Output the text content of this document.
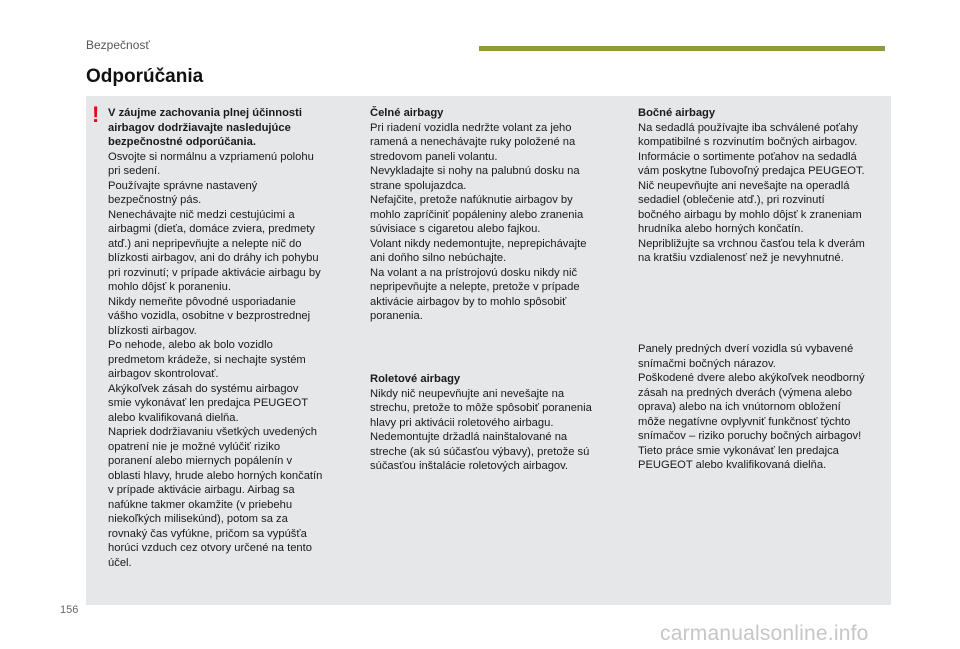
Bezpečnosť
Odporúčania
! V záujme zachovania plnej účinnosti
airbagov dodržiavajte nasledujúce
bezpečnostné odporúčania.
Osvojte si normálnu a vzpriamenú polohu
pri sedení.
Používajte správne nastavený
bezpečnostný pás.
Nenechávajte nič medzi cestujúcimi a
airbagmi (dieťa, domáce zviera, predmety
atď.) ani nepripevňujte a nelepte nič do
blízkosti airbagov, ani do dráhy ich pohybu
pri rozvinutí; v prípade aktivácie airbagu by
mohlo dôjsť k poraneniu.
Nikdy nemeňte pôvodné usporiadanie
vášho vozidla, osobitne v bezprostrednej
blízkosti airbagov.
Po nehode, alebo ak bolo vozidlo
predmetom krádeže, si nechajte systém
airbagov skontrolovať.
Akýkoľvek zásah do systému airbagov
smie vykonávať len predajca PEUGEOT
alebo kvalifikovaná dielňa.
Napriek dodržiavaniu všetkých uvedených
opatrení nie je možné vylúčiť riziko
poranení alebo miernych popálenín v
oblasti hlavy, hrude alebo horných končatín
v prípade aktivácie airbagu. Airbag sa
nafúkne takmer okamžite (v priebehu
niekoľkých milisekúnd), potom sa za
rovnaký čas vyfúkne, pričom sa vypúšťa
horúci vzduch cez otvory určené na tento
účel.
Čelné airbagy
Pri riadení vozidla nedržte volant za jeho
ramená a nenechávajte ruky položené na
stredovom paneli volantu.
Nevykladajte si nohy na palubnú dosku na
strane spolujazdca.
Nefajčite, pretože nafúknutie airbagov by
mohlo zapríčiniť popáleniny alebo zranenia
súvisiace s cigaretou alebo fajkou.
Volant nikdy nedemontujte, neprepichávajte
ani doňho silno nebúchajte.
Na volant a na prístrojovú dosku nikdy nič
nepripevňujte a nelepte, pretože v prípade
aktivácie airbagov by to mohlo spôsobiť
poranenia.
Roletové airbagy
Nikdy nič neupevňujte ani nevešajte na
strechu, pretože to môže spôsobiť poranenia
hlavy pri aktivácii roletového airbagu.
Nedemontujte držadlá nainštalované na
streche (ak sú súčasťou výbavy), pretože sú
súčasťou inštalácie roletových airbagov.
Bočné airbagy
Na sedadlá používajte iba schválené poťahy
kompatibilné s rozvinutím bočných airbagov.
Informácie o sortimente poťahov na sedadlá
vám poskytne ľubovoľný predajca PEUGEOT.
Nič neupevňujte ani nevešajte na operadlá
sedadiel (oblečenie atď.), pri rozvinutí
bočného airbagu by mohlo dôjsť k zraneniam
hrudníka alebo horných končatín.
Nepribližujte sa vrchnou časťou tela k dverám
na kratšiu vzdialenosť než je nevyhnutné.
Panely predných dverí vozidla sú vybavené
snímačmi bočných nárazov.
Poškodené dvere alebo akýkoľvek neodborný
zásah na predných dverách (výmena alebo
oprava) alebo na ich vnútornom obložení
môže negatívne ovplyvniť funkčnosť týchto
snímačov – riziko poruchy bočných airbagov!
Tieto práce smie vykonávať len predajca
PEUGEOT alebo kvalifikovaná dielňa.
156
carmanualsonline.info
